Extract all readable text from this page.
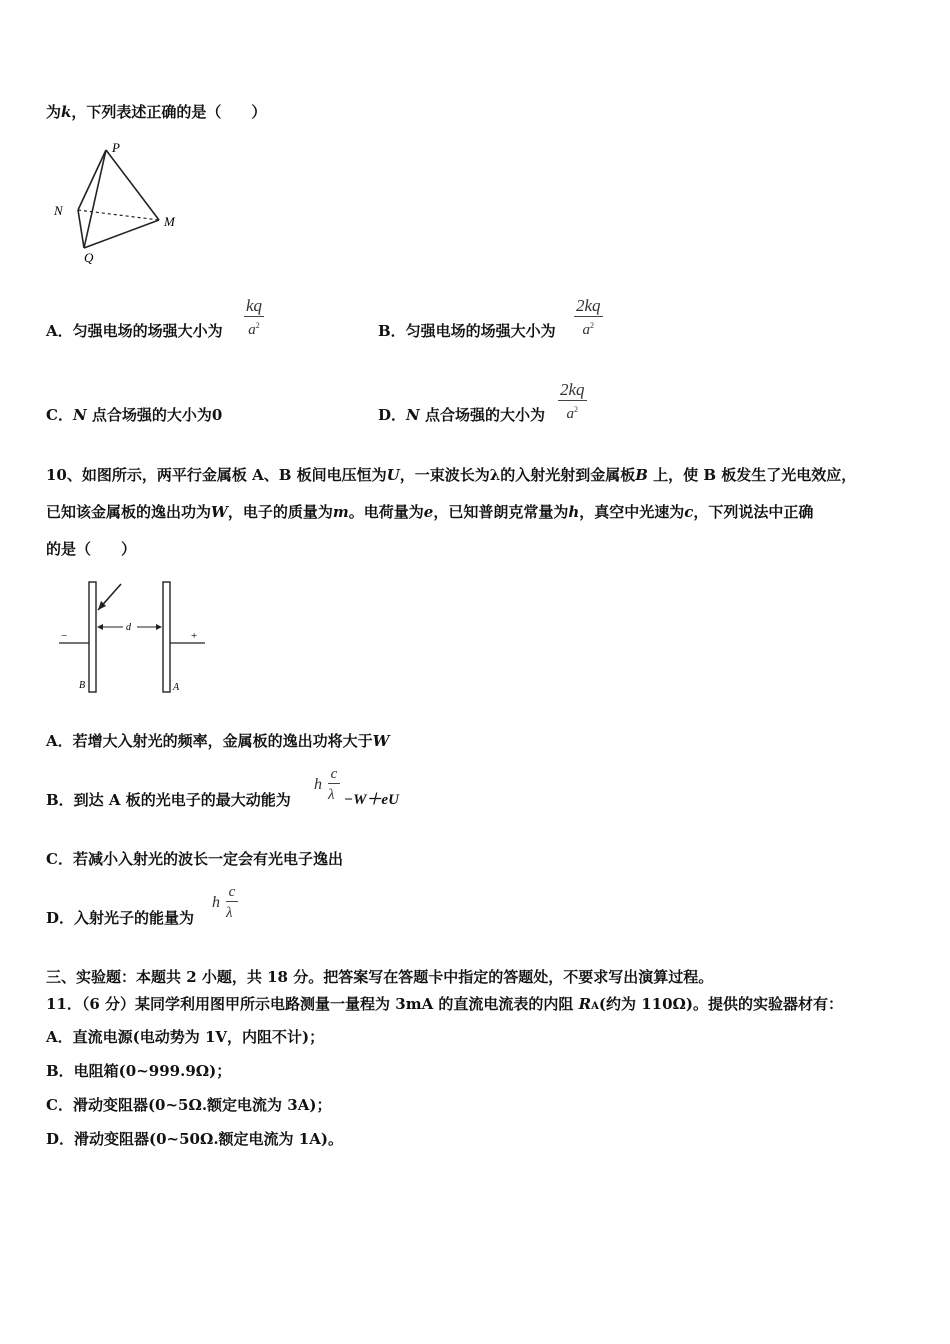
为k，下列表述正确的是（　　）
P
N
M
Q
A．匀强电场的场强大小为 $\frac{kq}{a^2}$	B．匀强电场的场强大小为 $\frac{2kq}{a^2}$
C．N 点合场强的大小为0	D．N 点合场强的大小为 $\frac{2kq}{a^2}$
10、如图所示，两平行金属板 A、B 板间电压恒为U，一束波长为λ的入射光射到金属板B 上，使 B 板发生了光电效应，
已知该金属板的逸出功为W，电子的质量为m。电荷量为e，已知普朗克常量为h，真空中光速为c，下列说法中正确
的是（　　）
d
−	+
B	A
A．若增大入射光的频率，金属板的逸出功将大于W
B．到达 A 板的光电子的最大动能为
h
c
λ −W＋eU
C．若减小入射光的波长一定会有光电子逸出
D．入射光子的能量为
h
c
λ
三、实验题：本题共 2 小题，共 18 分。把答案写在答题卡中指定的答题处，不要求写出演算过程。
11．（6 分）某同学利用图甲所示电路测量一量程为 3mA 的直流电流表的内阻 RA(约为 110Ω)。提供的实验器材有：
A．直流电源(电动势为 1V，内阻不计)；
B．电阻箱(0~999.9Ω)；
C．滑动变阻器(0~5Ω.额定电流为 3A)；
D．滑动变阻器(0~50Ω.额定电流为 1A)。
